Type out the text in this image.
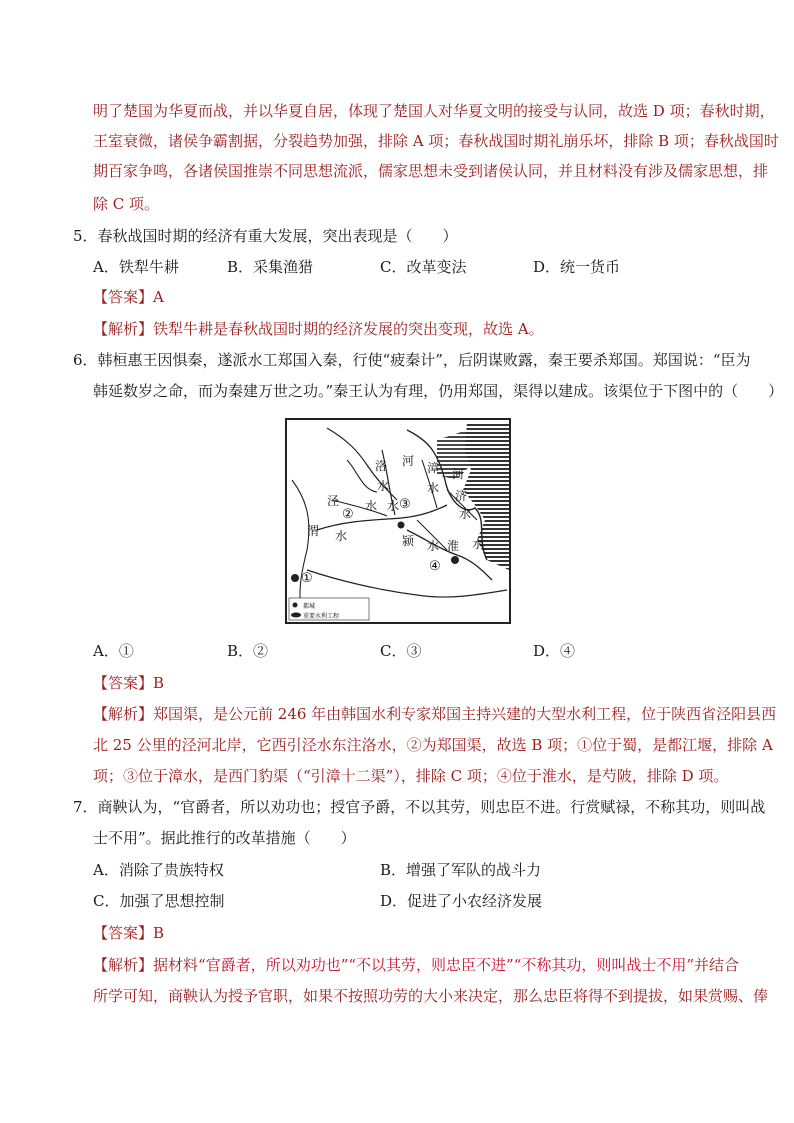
明了楚国为华夏而战，并以华夏自居，体现了楚国人对华夏文明的接受与认同，故选 D 项；春秋时期，
王室衰微，诸侯争霸割据，分裂趋势加强，排除 A 项；春秋战国时期礼崩乐坏，排除 B 项；春秋战国时
期百家争鸣，各诸侯国推崇不同思想流派，儒家思想未受到诸侯认同，并且材料没有涉及儒家思想，排
除 C 项。
5．春秋战国时期的经济有重大发展，突出表现是（　　）
A．铁犁牛耕	B．采集渔猎	C．改革变法	D．统一货币
【答案】A
【解析】铁犁牛耕是春秋战国时期的经济发展的突出变现，故选 A。
6．韩桓惠王因惧秦，遂派水工郑国入秦，行使“疲秦计”，后阴谋败露，秦王要杀郑国。郑国说：“臣为
韩延数岁之命，而为秦建万世之功。”秦王认为有理，仍用郑国，渠得以建成。该渠位于下图中的（　　）
都城
重要水利工程
洛 河 漳 河
泾
水
水 ③
水
济
②
水
水
渭 水	颍 水 淮 水
④
①
A．①	B．②	C．③	D．④
【答案】B
【解析】郑国渠，是公元前 246 年由韩国水利专家郑国主持兴建的大型水利工程，位于陕西省泾阳县西
北 25 公里的泾河北岸，它西引泾水东注洛水，②为郑国渠，故选 B 项；①位于蜀，是都江堰，排除 A
项；③位于漳水，是西门豹渠（“引漳十二渠”），排除 C 项；④位于淮水，是芍陂，排除 D 项。
7．商鞅认为，“官爵者，所以劝功也；授官予爵，不以其劳，则忠臣不进。行赏赋禄，不称其功，则叫战
士不用”。据此推行的改革措施（　　）
A．消除了贵族特权	B．增强了军队的战斗力
C．加强了思想控制	D．促进了小农经济发展
【答案】B
【解析】据材料“官爵者，所以劝功也”“不以其劳，则忠臣不进”“不称其功，则叫战士不用”并结合
所学可知，商鞅认为授予官职，如果不按照功劳的大小来决定，那么忠臣将得不到提拔，如果赏赐、俸
